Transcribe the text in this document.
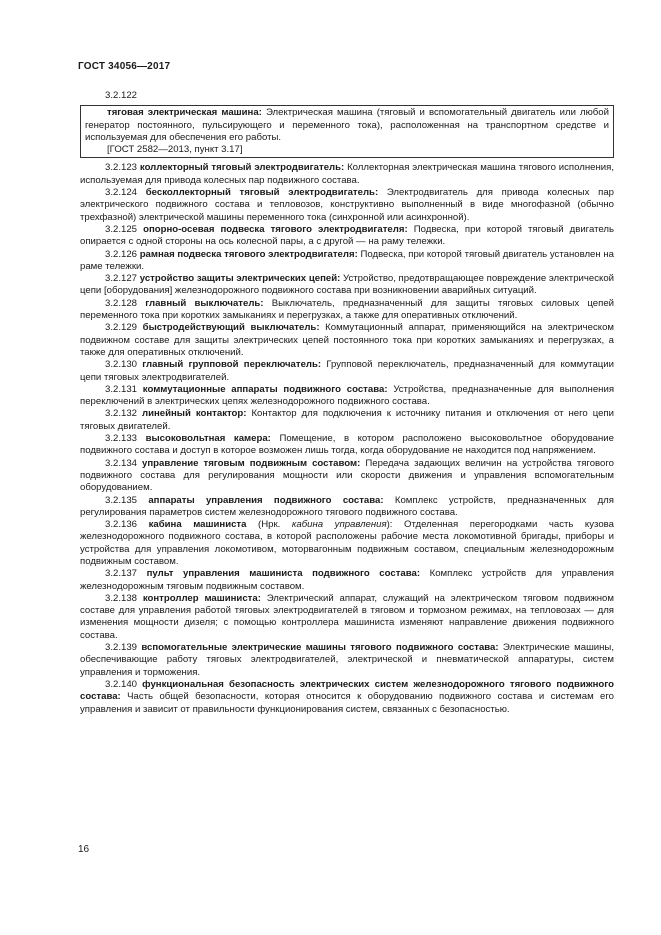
ГОСТ 34056—2017

3.2.122

тяговая электрическая машина: Электрическая машина (тяговый и вспомогательный двигатель или любой генератор постоянного, пульсирующего и переменного тока), расположенная на транспортном средстве и используемая для обеспечения его работы.

[ГОСТ 2582—2013, пункт 3.17]

3.2.123 коллекторный тяговый электродвигатель: Коллекторная электрическая машина тягового исполнения, используемая для привода колесных пар подвижного состава.

3.2.124 бесколлекторный тяговый электродвигатель: Электродвигатель для привода колесных пар электрического подвижного состава и тепловозов, конструктивно выполненный в виде многофазной (обычно трехфазной) электрической машины переменного тока (синхронной или асинхронной).

3.2.125 опорно-осевая подвеска тягового электродвигателя: Подвеска, при которой тяговый двигатель опирается с одной стороны на ось колесной пары, а с другой — на раму тележки.

3.2.126 рамная подвеска тягового электродвигателя: Подвеска, при которой тяговый двигатель установлен на раме тележки.

3.2.127 устройство защиты электрических цепей: Устройство, предотвращающее повреждение электрической цепи [оборудования] железнодорожного подвижного состава при возникновении аварийных ситуаций.

3.2.128 главный выключатель: Выключатель, предназначенный для защиты тяговых силовых цепей переменного тока при коротких замыканиях и перегрузках, а также для оперативных отключений.

3.2.129 быстродействующий выключатель: Коммутационный аппарат, применяющийся на электрическом подвижном составе для защиты электрических цепей постоянного тока при коротких замыканиях и перегрузках, а также для оперативных отключений.

3.2.130 главный групповой переключатель: Групповой переключатель, предназначенный для коммутации цепи тяговых электродвигателей.

3.2.131 коммутационные аппараты подвижного состава: Устройства, предназначенные для выполнения переключений в электрических цепях железнодорожного подвижного состава.

3.2.132 линейный контактор: Контактор для подключения к источнику питания и отключения от него цепи тяговых двигателей.

3.2.133 высоковольтная камера: Помещение, в котором расположено высоковольтное оборудование подвижного состава и доступ в которое возможен лишь тогда, когда оборудование не находится под напряжением.

3.2.134 управление тяговым подвижным составом: Передача задающих величин на устройства тягового подвижного состава для регулирования мощности или скорости движения и управления вспомогательным оборудованием.

3.2.135 аппараты управления подвижного состава: Комплекс устройств, предназначенных для регулирования параметров систем железнодорожного тягового подвижного состава.

3.2.136 кабина машиниста (Нрк. кабина управления): Отделенная перегородками часть кузова железнодорожного подвижного состава, в которой расположены рабочие места локомотивной бригады, приборы и устройства для управления локомотивом, моторвагонным подвижным составом, специальным железнодорожным подвижным составом.

3.2.137 пульт управления машиниста подвижного состава: Комплекс устройств для управления железнодорожным тяговым подвижным составом.

3.2.138 контроллер машиниста: Электрический аппарат, служащий на электрическом тяговом подвижном составе для управления работой тяговых электродвигателей в тяговом и тормозном режимах, на тепловозах — для изменения мощности дизеля; с помощью контроллера машиниста изменяют направление движения подвижного состава.

3.2.139 вспомогательные электрические машины тягового подвижного состава: Электрические машины, обеспечивающие работу тяговых электродвигателей, электрической и пневматической аппаратуры, систем управления и торможения.

3.2.140 функциональная безопасность электрических систем железнодорожного тягового подвижного состава: Часть общей безопасности, которая относится к оборудованию подвижного состава и системам его управления и зависит от правильности функционирования систем, связанных с безопасностью.

16
